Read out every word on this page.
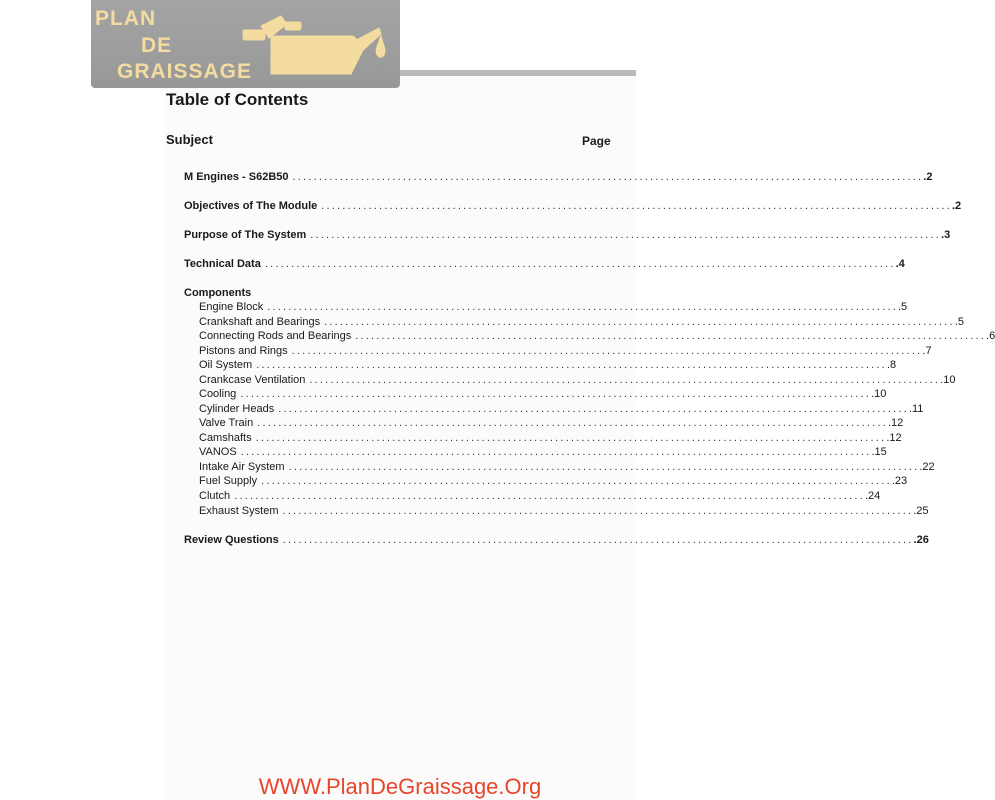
PLAN
DE
GRAISSAGE
Table of Contents
Subject	Page
M Engines - S62B50 ........................................................................................................................ .2
Objectives of The Module ........................................................................................................................ .2
Purpose of The System ........................................................................................................................ .3
Technical Data ........................................................................................................................ .4
Components
Engine Block ........................................................................................................................ .5
Crankshaft and Bearings ........................................................................................................................ .5
Connecting Rods and Bearings ........................................................................................................................ .6
Pistons and Rings ........................................................................................................................ .7
Oil System ........................................................................................................................ .8
Crankcase Ventilation ........................................................................................................................ .10
Cooling ........................................................................................................................ .10
Cylinder Heads ........................................................................................................................ .11
Valve Train ........................................................................................................................ .12
Camshafts ........................................................................................................................ .12
VANOS ........................................................................................................................ .15
Intake Air System ........................................................................................................................ .22
Fuel Supply ........................................................................................................................ .23
Clutch ........................................................................................................................ .24
Exhaust System ........................................................................................................................ .25
Review Questions ........................................................................................................................ .26
WWW.PlanDeGraissage.Org
